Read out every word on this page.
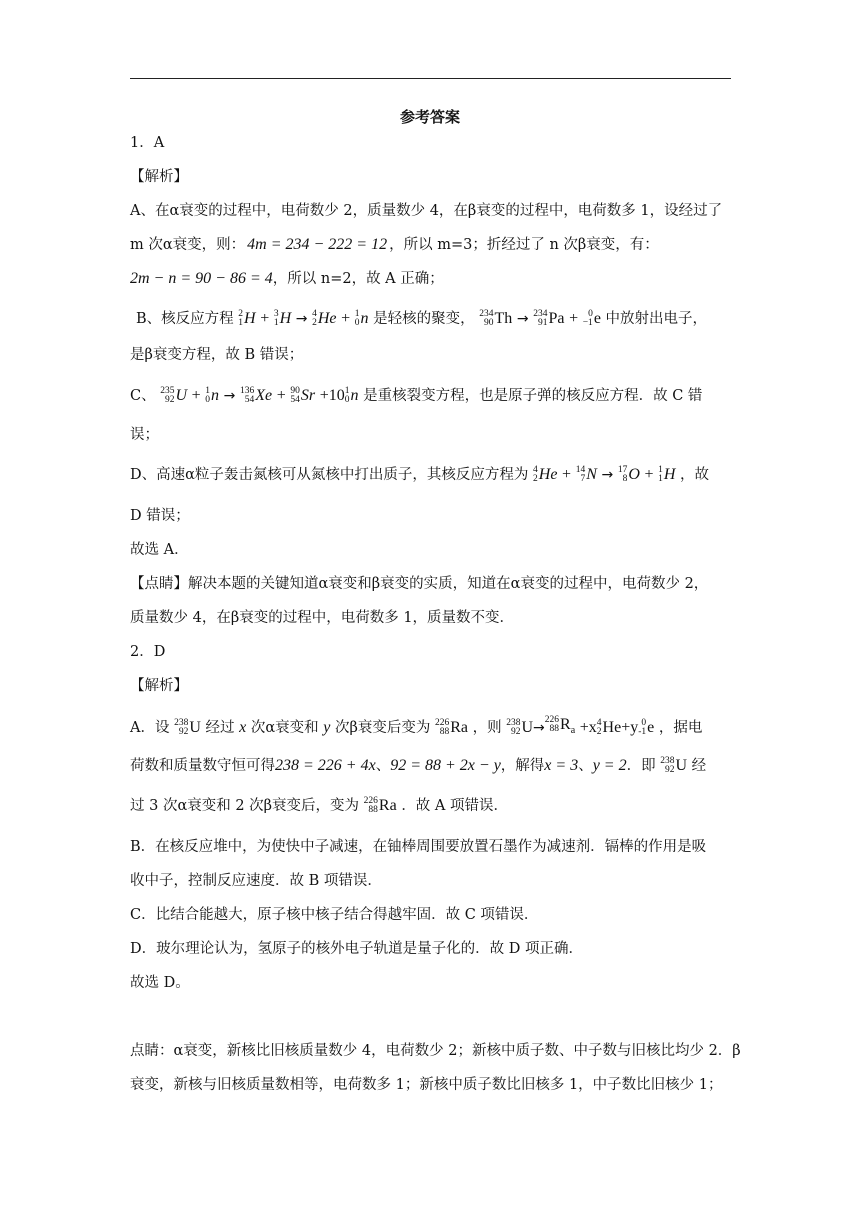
参考答案
1．A
【解析】
A、在α衰变的过程中，电荷数少 2，质量数少 4，在β衰变的过程中，电荷数多 1，设经过了
m 次α衰变，则： 4m = 234 − 222 = 12 ，所以 m=3；折经过了 n 次β衰变，有：
2m − n = 90 − 86 = 4，所以 n=2，故 A 正确；
B、核反应方程 2
1 H + 3
1 H → 4
2 He + 1
0 n 是轻核的聚变， 234
90 Th → 234
91 Pa +	0
−1 e 中放射出电子，
是β衰变方程，故 B 错误；
C、 235
92 U + 1
0 n → 136
54 Xe + 90
54 Sr +10 1
0 n 是重核裂变方程，也是原子弹的核反应方程．故 C 错
误；
D、高速α粒子轰击氮核可从氮核中打出质子，其核反应方程为 4
2 He + 14
7 N → 17
8 O + 1
1 H ，故
D 错误；
故选 A．
【点睛】解决本题的关键知道α衰变和β衰变的实质，知道在α衰变的过程中，电荷数少 2，
质量数少 4，在β衰变的过程中，电荷数多 1，质量数不变．
2．D
【解析】
A．设 238
92 U 经过 x 次α衰变和 y 次β衰变后变为 226
88 Ra ，则 238
92 U→ 226
88 $R_a +x$ 4
2 He+y 0
-1 e ，据电
荷数和质量数守恒可得238 = 226 + 4x、92 = 88 + 2x − y，解得x = 3、y = 2．即 238
92 U 经
过 3 次α衰变和 2 次β衰变后，变为 226
88 Ra ．故 A 项错误．
B．在核反应堆中，为使快中子减速，在铀棒周围要放置石墨作为减速剂．镉棒的作用是吸
收中子，控制反应速度．故 B 项错误．
C．比结合能越大，原子核中核子结合得越牢固．故 C 项错误．
D．玻尔理论认为，氢原子的核外电子轨道是量子化的．故 D 项正确．
故选 D。
点睛：α衰变，新核比旧核质量数少 4，电荷数少 2；新核中质子数、中子数与旧核比均少 2．β
衰变，新核与旧核质量数相等，电荷数多 1；新核中质子数比旧核多 1，中子数比旧核少 1；
